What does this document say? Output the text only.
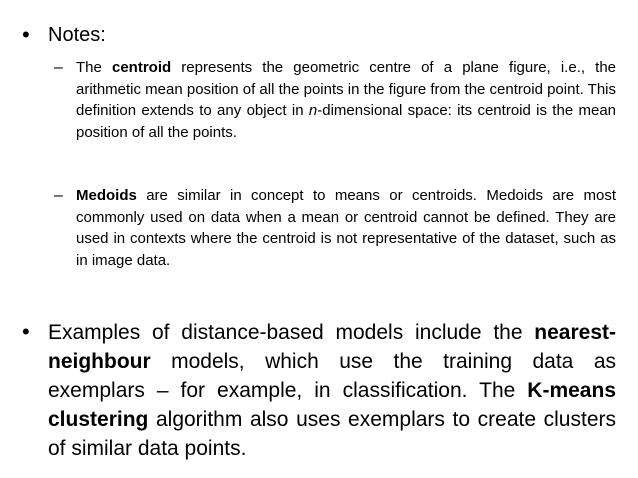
• Notes:
– The centroid represents the geometric centre of a plane figure, i.e., the arithmetic mean position of all the points in the figure from the centroid point. This definition extends to any object in n-dimensional space: its centroid is the mean position of all the points.
– Medoids are similar in concept to means or centroids. Medoids are most commonly used on data when a mean or centroid cannot be defined. They are used in contexts where the centroid is not representative of the dataset, such as in image data.
• Examples of distance-based models include the nearest-neighbour models, which use the training data as exemplars – for example, in classification. The K-means clustering algorithm also uses exemplars to create clusters of similar data points.
